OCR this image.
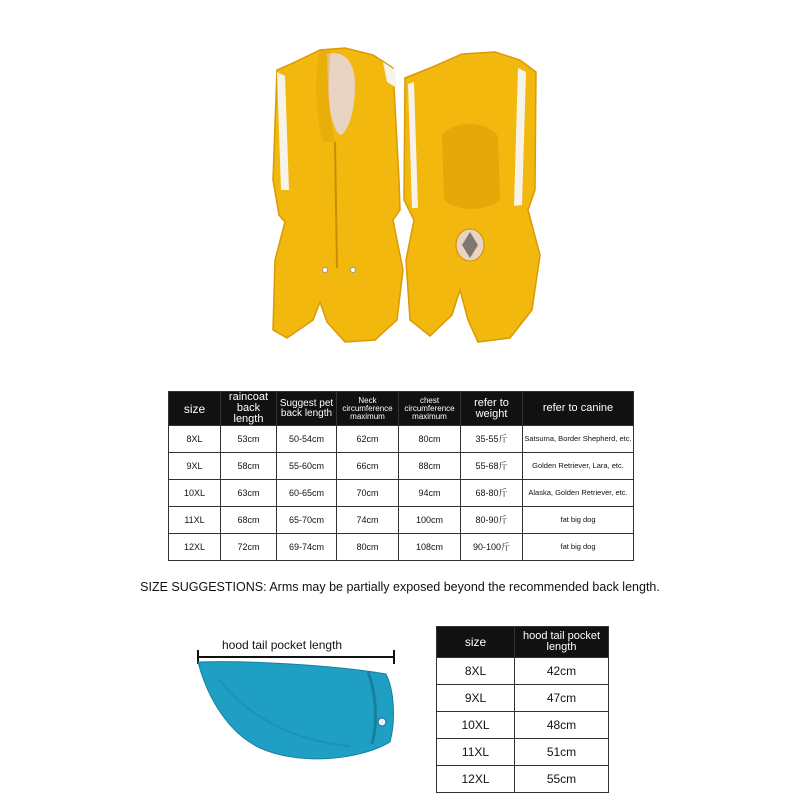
size	raincoat back length	Suggest pet back length	Neck circumference maximum	chest circumference maximum	refer to weight	refer to canine
8XL	53cm	50-54cm	62cm	80cm	35-55斤	Satsuma, Border Shepherd, etc.
9XL	58cm	55-60cm	66cm	88cm	55-68斤	Golden Retriever, Lara, etc.
10XL	63cm	60-65cm	70cm	94cm	68-80斤	Alaska, Golden Retriever, etc.
11XL	68cm	65-70cm	74cm	100cm	80-90斤	fat big dog
12XL	72cm	69-74cm	80cm	108cm	90-100斤	fat big dog
SIZE SUGGESTIONS: Arms may be partially exposed beyond the recommended back length.
hood tail pocket length	size	hood tail pocket length
8XL	42cm
9XL	47cm
10XL	48cm
11XL	51cm
12XL	55cm
